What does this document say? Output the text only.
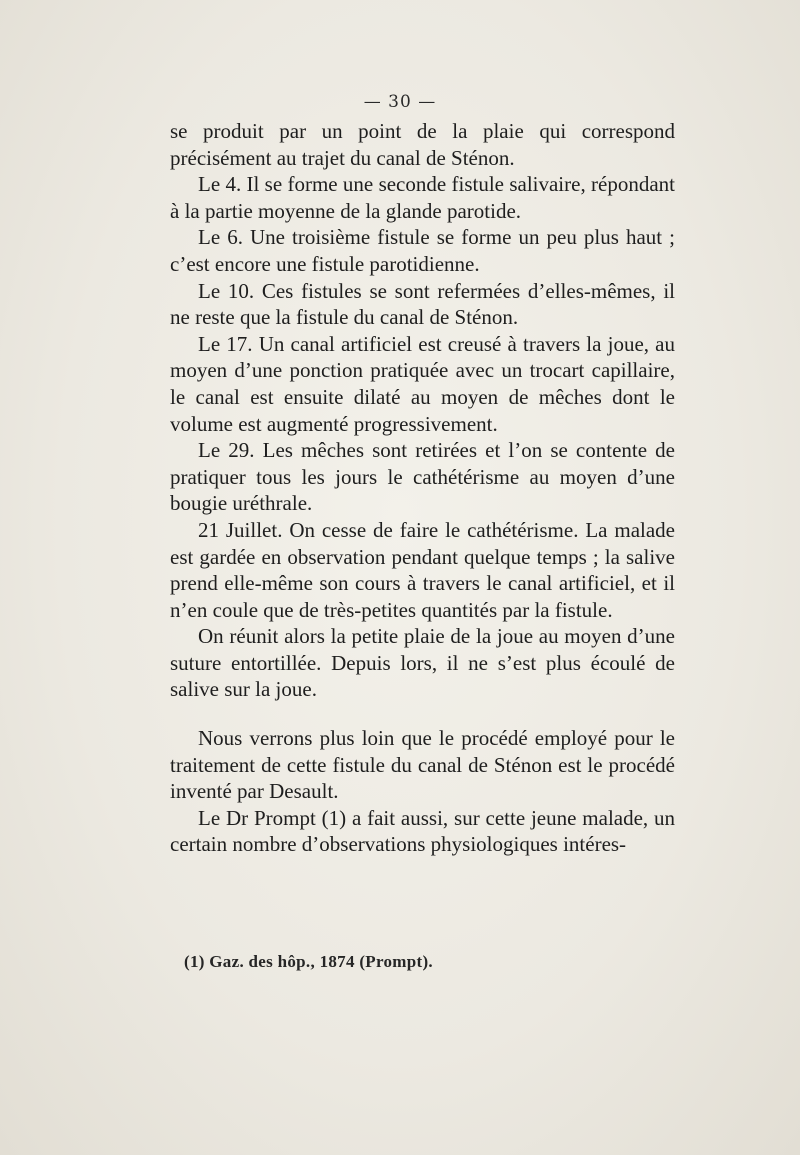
— 30 —

se produit par un point de la plaie qui correspond précisément au trajet du canal de Sténon.

Le 4. Il se forme une seconde fistule salivaire, répondant à la partie moyenne de la glande parotide.

Le 6. Une troisième fistule se forme un peu plus haut ; c’est encore une fistule parotidienne.

Le 10. Ces fistules se sont refermées d’elles-mêmes, il ne reste que la fistule du canal de Sténon.

Le 17. Un canal artificiel est creusé à travers la joue, au moyen d’une ponction pratiquée avec un trocart capillaire, le canal est ensuite dilaté au moyen de mêches dont le volume est augmenté progressivement.

Le 29. Les mêches sont retirées et l’on se contente de pratiquer tous les jours le cathétérisme au moyen d’une bougie uréthrale.

21 Juillet. On cesse de faire le cathétérisme. La malade est gardée en observation pendant quelque temps ; la salive prend elle-même son cours à travers le canal artificiel, et il n’en coule que de très-petites quantités par la fistule.

On réunit alors la petite plaie de la joue au moyen d’une suture entortillée. Depuis lors, il ne s’est plus écoulé de salive sur la joue.

Nous verrons plus loin que le procédé employé pour le traitement de cette fistule du canal de Sténon est le procédé inventé par Desault.

Le Dr Prompt (1) a fait aussi, sur cette jeune malade, un certain nombre d’observations physiologiques intéres-

(1) Gaz. des hôp., 1874 (Prompt).
